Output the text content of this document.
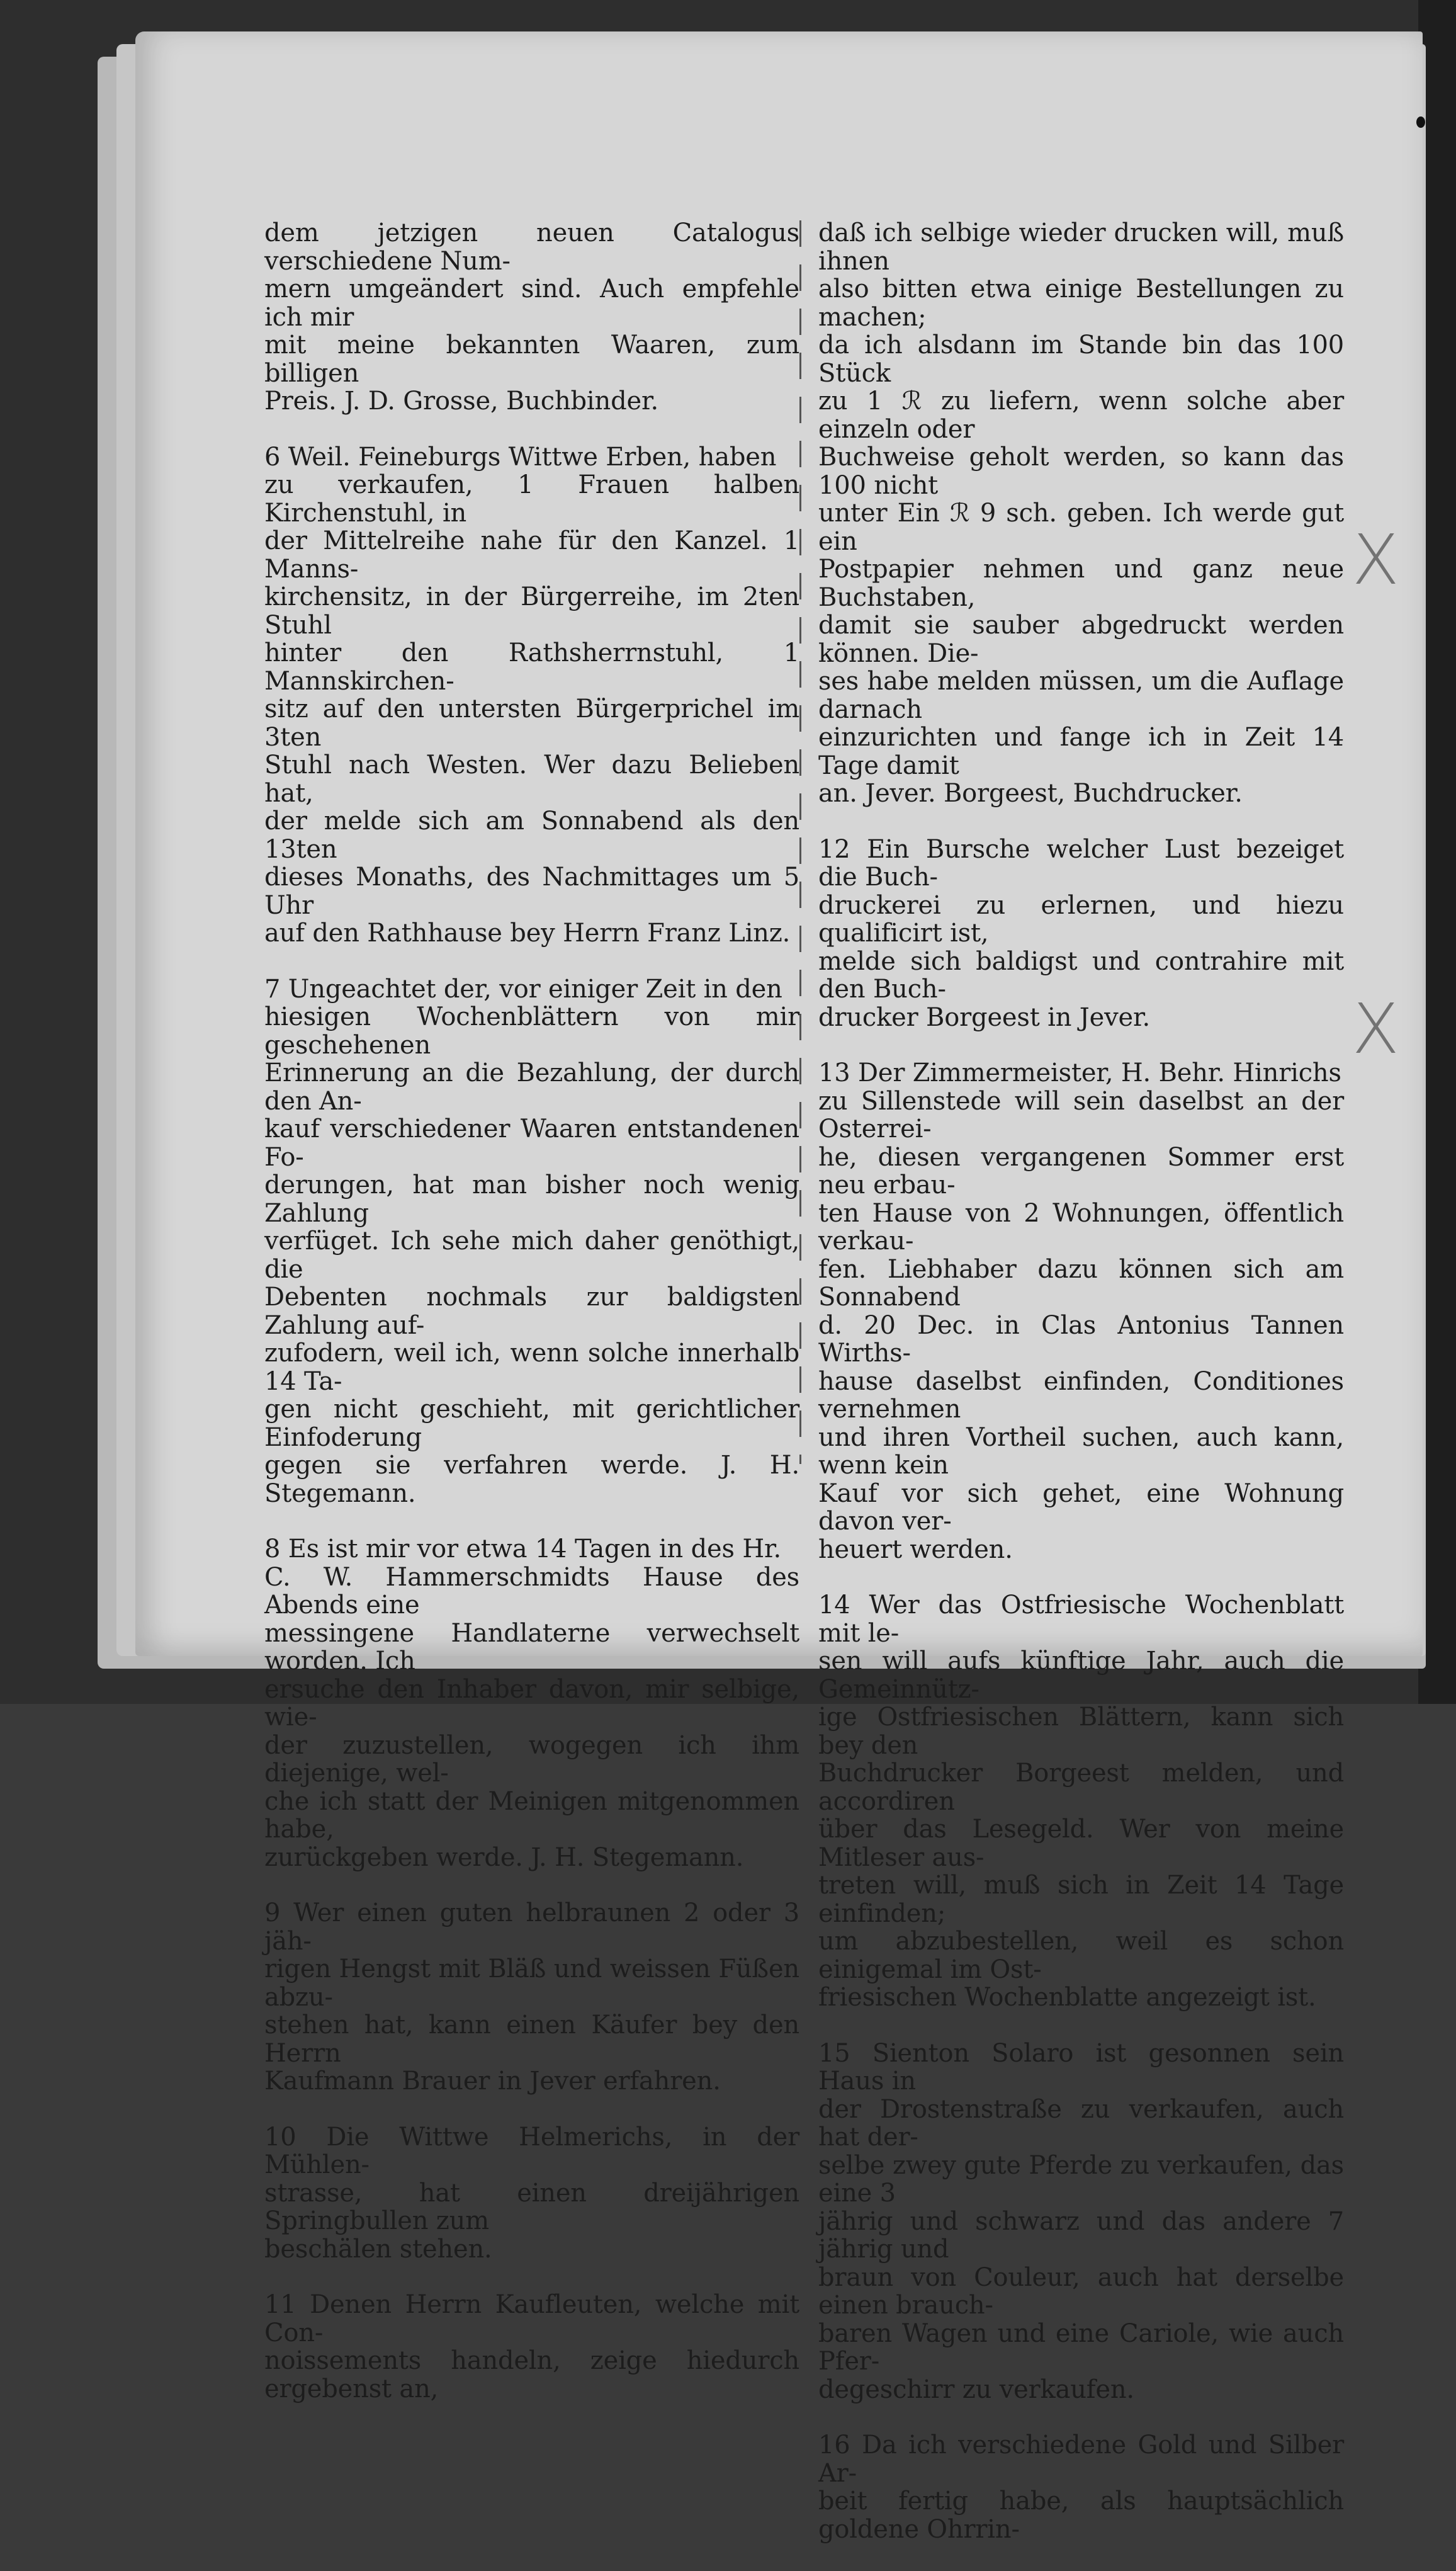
dem jetzigen neuen Catalogus verschiedene Num-
mern umgeändert sind. Auch empfehle ich mir
mit meine bekannten Waaren, zum billigen
Preis. J. D. Grosse, Buchbinder.

6 Weil. Feineburgs Wittwe Erben, haben
zu verkaufen, 1 Frauen halben Kirchenstuhl, in
der Mittelreihe nahe für den Kanzel. 1 Manns-
kirchensitz, in der Bürgerreihe, im 2ten Stuhl
hinter den Rathsherrnstuhl, 1 Mannskirchen-
sitz auf den untersten Bürgerprichel im 3ten
Stuhl nach Westen. Wer dazu Belieben hat,
der melde sich am Sonnabend als den 13ten
dieses Monaths, des Nachmittages um 5 Uhr
auf den Rathhause bey Herrn Franz Linz.

7 Ungeachtet der, vor einiger Zeit in den
hiesigen Wochenblättern von mir geschehenen
Erinnerung an die Bezahlung, der durch den An-
kauf verschiedener Waaren entstandenen Fo-
derungen, hat man bisher noch wenig Zahlung
verfüget. Ich sehe mich daher genöthigt, die
Debenten nochmals zur baldigsten Zahlung auf-
zufodern, weil ich, wenn solche innerhalb 14 Ta-
gen nicht geschieht, mit gerichtlicher Einfoderung
gegen sie verfahren werde. J. H. Stegemann.

8 Es ist mir vor etwa 14 Tagen in des Hr.
C. W. Hammerschmidts Hause des Abends eine
messingene Handlaterne verwechselt worden. Ich
ersuche den Inhaber davon, mir selbige, wie-
der zuzustellen, wogegen ich ihm diejenige, wel-
che ich statt der Meinigen mitgenommen habe,
zurückgeben werde. J. H. Stegemann.

9 Wer einen guten helbraunen 2 oder 3 jäh-
rigen Hengst mit Bläß und weissen Füßen abzu-
stehen hat, kann einen Käufer bey den Herrn
Kaufmann Brauer in Jever erfahren.

10 Die Wittwe Helmerichs, in der Mühlen-
strasse, hat einen dreijährigen Springbullen zum
beschälen stehen.

11 Denen Herrn Kaufleuten, welche mit Con-
noissements handeln, zeige hiedurch ergebenst an,

daß ich selbige wieder drucken will, muß ihnen
also bitten etwa einige Bestellungen zu machen;
da ich alsdann im Stande bin das 100 Stück
zu 1 ℛ zu liefern, wenn solche aber einzeln oder
Buchweise geholt werden, so kann das 100 nicht
unter Ein ℛ 9 sch. geben. Ich werde gut ein
Postpapier nehmen und ganz neue Buchstaben,
damit sie sauber abgedruckt werden können. Die-
ses habe melden müssen, um die Auflage darnach
einzurichten und fange ich in Zeit 14 Tage damit
an. Jever. Borgeest, Buchdrucker.

12 Ein Bursche welcher Lust bezeiget die Buch-
druckerei zu erlernen, und hiezu qualificirt ist,
melde sich baldigst und contrahire mit den Buch-
drucker Borgeest in Jever.

13 Der Zimmermeister, H. Behr. Hinrichs
zu Sillenstede will sein daselbst an der Osterrei-
he, diesen vergangenen Sommer erst neu erbau-
ten Hause von 2 Wohnungen, öffentlich verkau-
fen. Liebhaber dazu können sich am Sonnabend
d. 20 Dec. in Clas Antonius Tannen Wirths-
hause daselbst einfinden, Conditiones vernehmen
und ihren Vortheil suchen, auch kann, wenn kein
Kauf vor sich gehet, eine Wohnung davon ver-
heuert werden.

14 Wer das Ostfriesische Wochenblatt mit le-
sen will aufs künftige Jahr, auch die Gemeinnütz-
ige Ostfriesischen Blättern, kann sich bey den
Buchdrucker Borgeest melden, und accordiren
über das Lesegeld. Wer von meine Mitleser aus-
treten will, muß sich in Zeit 14 Tage einfinden;
um abzubestellen, weil es schon einigemal im Ost-
friesischen Wochenblatte angezeigt ist.

15 Sienton Solaro ist gesonnen sein Haus in
der Drostenstraße zu verkaufen, auch hat der-
selbe zwey gute Pferde zu verkaufen, das eine 3
jährig und schwarz und das andere 7 jährig und
braun von Couleur, auch hat derselbe einen brauch-
baren Wagen und eine Cariole, wie auch Pfer-
degeschirr zu verkaufen.

16 Da ich verschiedene Gold und Silber Ar-
beit fertig habe, als hauptsächlich goldene Ohrrin-

X
X
